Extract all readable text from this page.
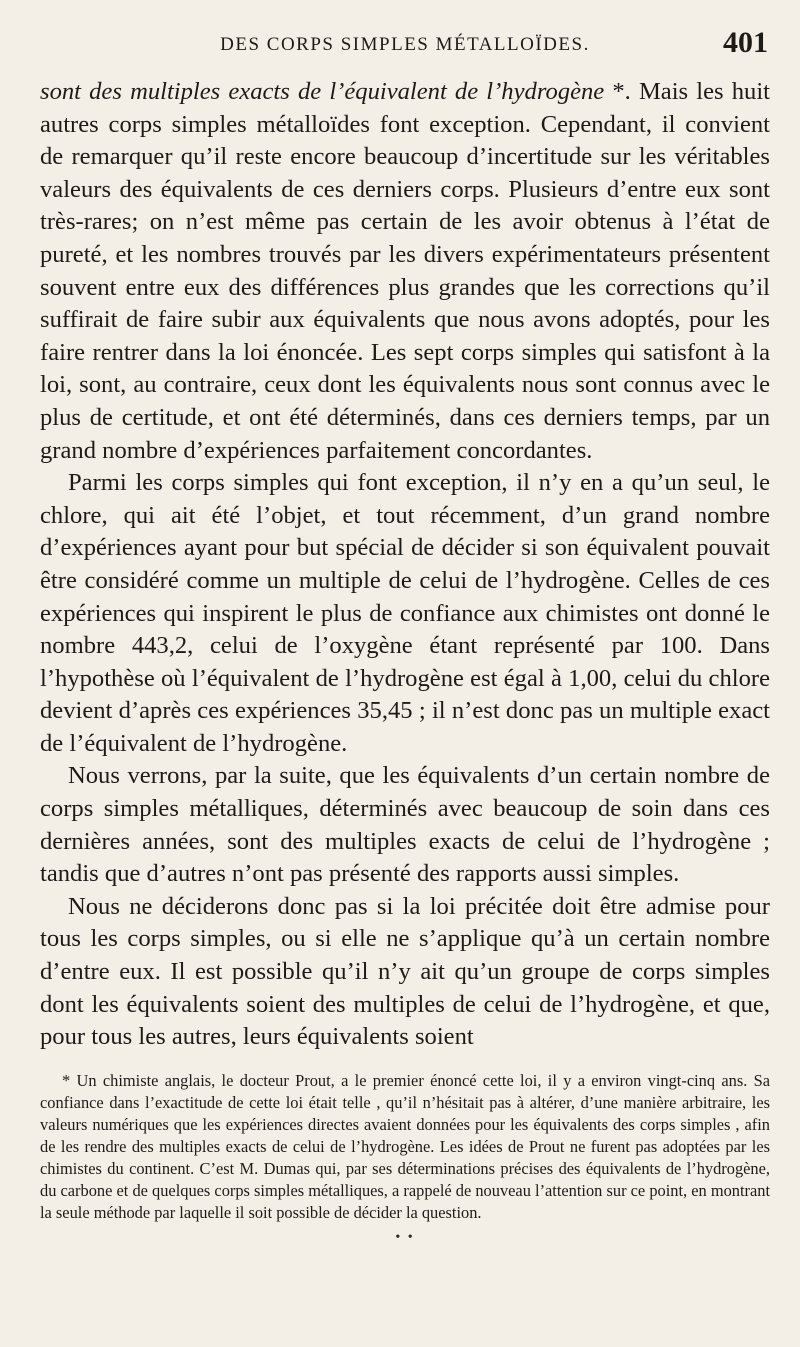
DES CORPS SIMPLES MÉTALLOÏDES.	401

sont des multiples exacts de l’équivalent de l’hydrogène *. Mais les huit autres corps simples métalloïdes font exception. Cependant, il convient de remarquer qu’il reste encore beaucoup d’incertitude sur les véritables valeurs des équivalents de ces derniers corps. Plusieurs d’entre eux sont très-rares; on n’est même pas certain de les avoir obtenus à l’état de pureté, et les nombres trouvés par les divers expérimentateurs présentent souvent entre eux des différences plus grandes que les corrections qu’il suffirait de faire subir aux équivalents que nous avons adoptés, pour les faire rentrer dans la loi énoncée. Les sept corps simples qui satisfont à la loi, sont, au contraire, ceux dont les équivalents nous sont connus avec le plus de certitude, et ont été déterminés, dans ces derniers temps, par un grand nombre d’expériences parfaitement concordantes.

Parmi les corps simples qui font exception, il n’y en a qu’un seul, le chlore, qui ait été l’objet, et tout récemment, d’un grand nombre d’expériences ayant pour but spécial de décider si son équivalent pouvait être considéré comme un multiple de celui de l’hydrogène. Celles de ces expériences qui inspirent le plus de confiance aux chimistes ont donné le nombre 443,2, celui de l’oxygène étant représenté par 100. Dans l’hypothèse où l’équivalent de l’hydrogène est égal à 1,00, celui du chlore devient d’après ces expériences 35,45 ; il n’est donc pas un multiple exact de l’équivalent de l’hydrogène.

Nous verrons, par la suite, que les équivalents d’un certain nombre de corps simples métalliques, déterminés avec beaucoup de soin dans ces dernières années, sont des multiples exacts de celui de l’hydrogène ; tandis que d’autres n’ont pas présenté des rapports aussi simples.

Nous ne déciderons donc pas si la loi précitée doit être admise pour tous les corps simples, ou si elle ne s’applique qu’à un certain nombre d’entre eux. Il est possible qu’il n’y ait qu’un groupe de corps simples dont les équivalents soient des multiples de celui de l’hydrogène, et que, pour tous les autres, leurs équivalents soient

* Un chimiste anglais, le docteur Prout, a le premier énoncé cette loi, il y a environ vingt-cinq ans. Sa confiance dans l’exactitude de cette loi était telle , qu’il n’hésitait pas à altérer, d’une manière arbitraire, les valeurs numériques que les expériences directes avaient données pour les équivalents des corps simples , afin de les rendre des multiples exacts de celui de l’hydrogène. Les idées de Prout ne furent pas adoptées par les chimistes du continent. C’est M. Dumas qui, par ses déterminations précises des équivalents de l’hydrogène, du carbone et de quelques corps simples métalliques, a rappelé de nouveau l’attention sur ce point, en montrant la seule méthode par laquelle il soit possible de décider la question.
• •
